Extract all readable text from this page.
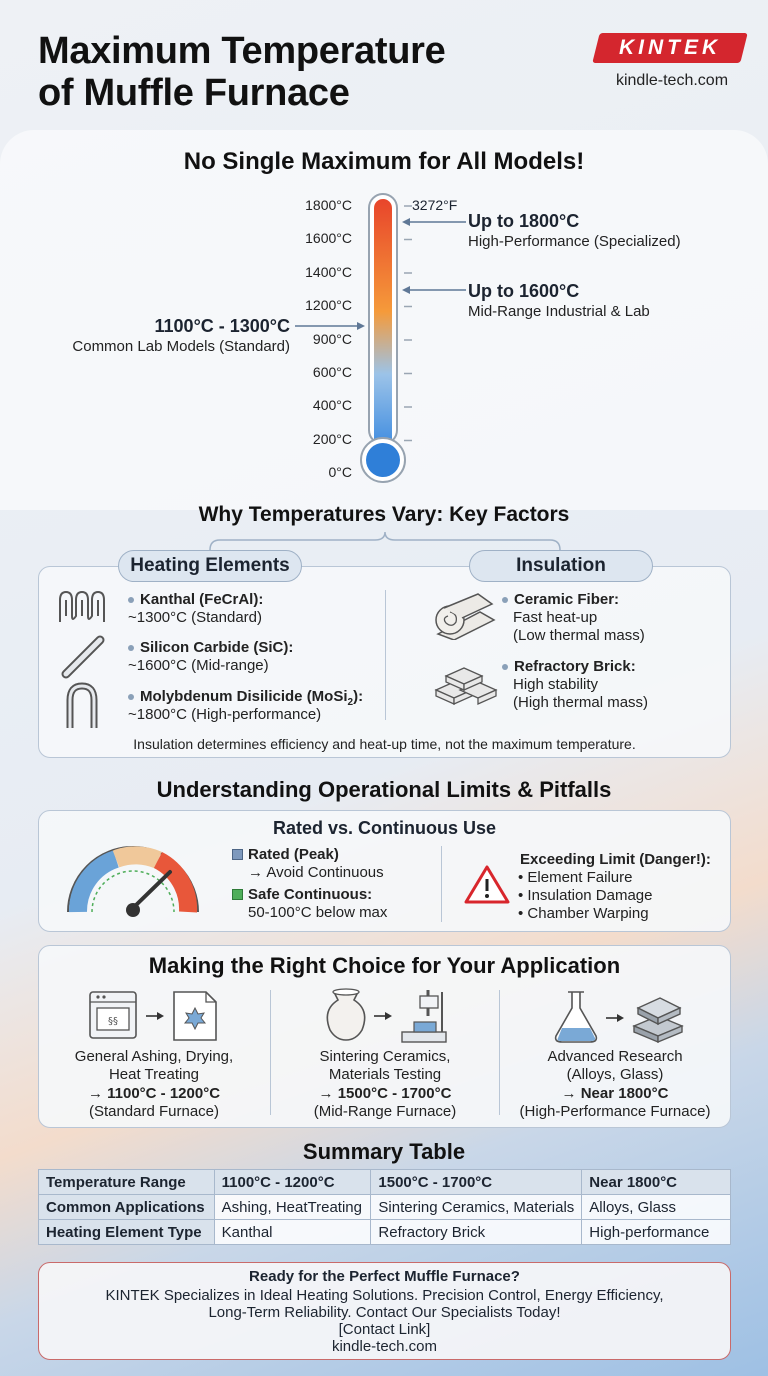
Maximum Temperature
of Muffle Furnace
KINTEK
kindle-tech.com
No Single Maximum for All Models!
1800°C
1600°C
1400°C
1200°C
900°C
600°C
400°C
200°C
0°C
3272°F
Up to 1800°C
High-Performance (Specialized)
Up to 1600°C
Mid-Range Industrial & Lab
1100°C - 1300°C
Common Lab Models (Standard)
Why Temperatures Vary: Key Factors
Heating Elements	Insulation
Kanthal (FeCrAl):
~1300°C (Standard)
Silicon Carbide (SiC):
~1600°C (Mid-range)
Molybdenum Disilicide (MoSi$_2$):
~1800°C (High-performance)
Ceramic Fiber:
Fast heat-up
(Low thermal mass)
Refractory Brick:
High stability
(High thermal mass)
Insulation determines efficiency and heat-up time, not the maximum temperature.
Understanding Operational Limits & Pitfalls
Rated vs. Continuous Use
Rated (Peak)
→ Avoid Continuous
Safe Continuous:
50-100°C below max
Exceeding Limit (Danger!):
• Element Failure
• Insulation Damage
• Chamber Warping
Making the Right Choice for Your Application
§§
General Ashing, Drying,
Heat Treating
→ 1100°C - 1200°C
(Standard Furnace)
Sintering Ceramics,
Materials Testing
→ 1500°C - 1700°C
(Mid-Range Furnace)
Advanced Research
(Alloys, Glass)
→ Near 1800°C
(High-Performance Furnace)
Summary Table
Temperature Range	1100°C - 1200°C	1500°C - 1700°C	Near 1800°C
Common Applications	Ashing, HeatTreating	Sintering Ceramics, Materials	Alloys, Glass
Heating Element Type	Kanthal	Refractory Brick	High-performance
Ready for the Perfect Muffle Furnace?
KINTEK Specializes in Ideal Heating Solutions. Precision Control, Energy Efficiency,
Long-Term Reliability. Contact Our Specialists Today!
[Contact Link]
kindle-tech.com
